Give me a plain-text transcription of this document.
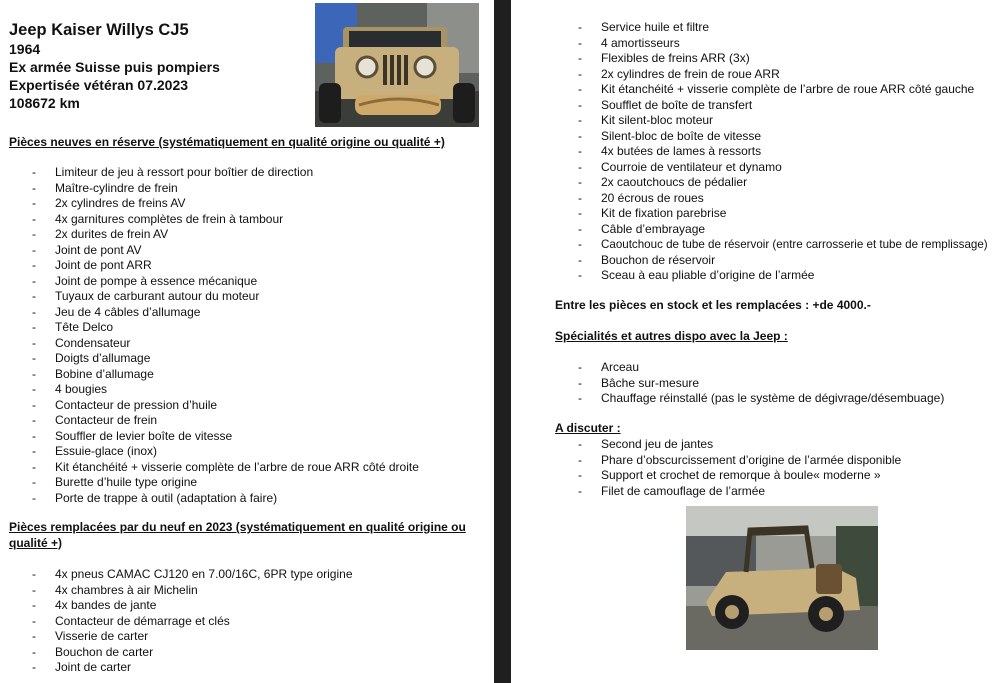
Jeep Kaiser Willys CJ5

1964

Ex armée Suisse puis pompiers

Expertisée vétéran 07.2023

108672 km

Pièces neuves en réserve (systématiquement en qualité origine ou qualité +)

- Limiteur de jeu à ressort pour boîtier de direction
- Maître-cylindre de frein
- 2x cylindres de freins AV
- 4x garnitures complètes de frein à tambour
- 2x durites de frein AV
- Joint de pont AV
- Joint de pont ARR
- Joint de pompe à essence mécanique
- Tuyaux de carburant autour du moteur
- Jeu de 4 câbles d’allumage
- Tête Delco
- Condensateur
- Doigts d’allumage
- Bobine d’allumage
- 4 bougies
- Contacteur de pression d’huile
- Contacteur de frein
- Souffler de levier boîte de vitesse
- Essuie-glace (inox)
- Kit étanchéité + visserie complète de l’arbre de roue ARR côté droite
- Burette d’huile type origine
- Porte de trappe à outil (adaptation à faire)

Pièces remplacées par du neuf en 2023 (systématiquement en qualité origine ou
qualité +)

- 4x pneus CAMAC CJ120 en 7.00/16C, 6PR type origine
- 4x chambres à air Michelin
- 4x bandes de jante
- Contacteur de démarrage et clés
- Visserie de carter
- Bouchon de carter
- Joint de carter
- Service huile et filtre
- 4 amortisseurs
- Flexibles de freins ARR (3x)
- 2x cylindres de frein de roue ARR
- Kit étanchéité + visserie complète de l’arbre de roue ARR côté gauche
- Soufflet de boîte de transfert
- Kit silent-bloc moteur
- Silent-bloc de boîte de vitesse
- 4x butées de lames à ressorts
- Courroie de ventilateur et dynamo
- 2x caoutchoucs de pédalier
- 20 écrous de roues
- Kit de fixation parebrise
- Câble d’embrayage
- Caoutchouc de tube de réservoir (entre carrosserie et tube de remplissage)
- Bouchon de réservoir
- Sceau à eau pliable d’origine de l’armée

Entre les pièces en stock et les remplacées : +de 4000.-

Spécialités et autres dispo avec la Jeep :

- Arceau
- Bâche sur-mesure
- Chauffage réinstallé (pas le système de dégivrage/désembuage)

A discuter :

- Second jeu de jantes
- Phare d’obscurcissement d’origine de l’armée disponible
- Support et crochet de remorque à boule« moderne »
- Filet de camouflage de l’armée
